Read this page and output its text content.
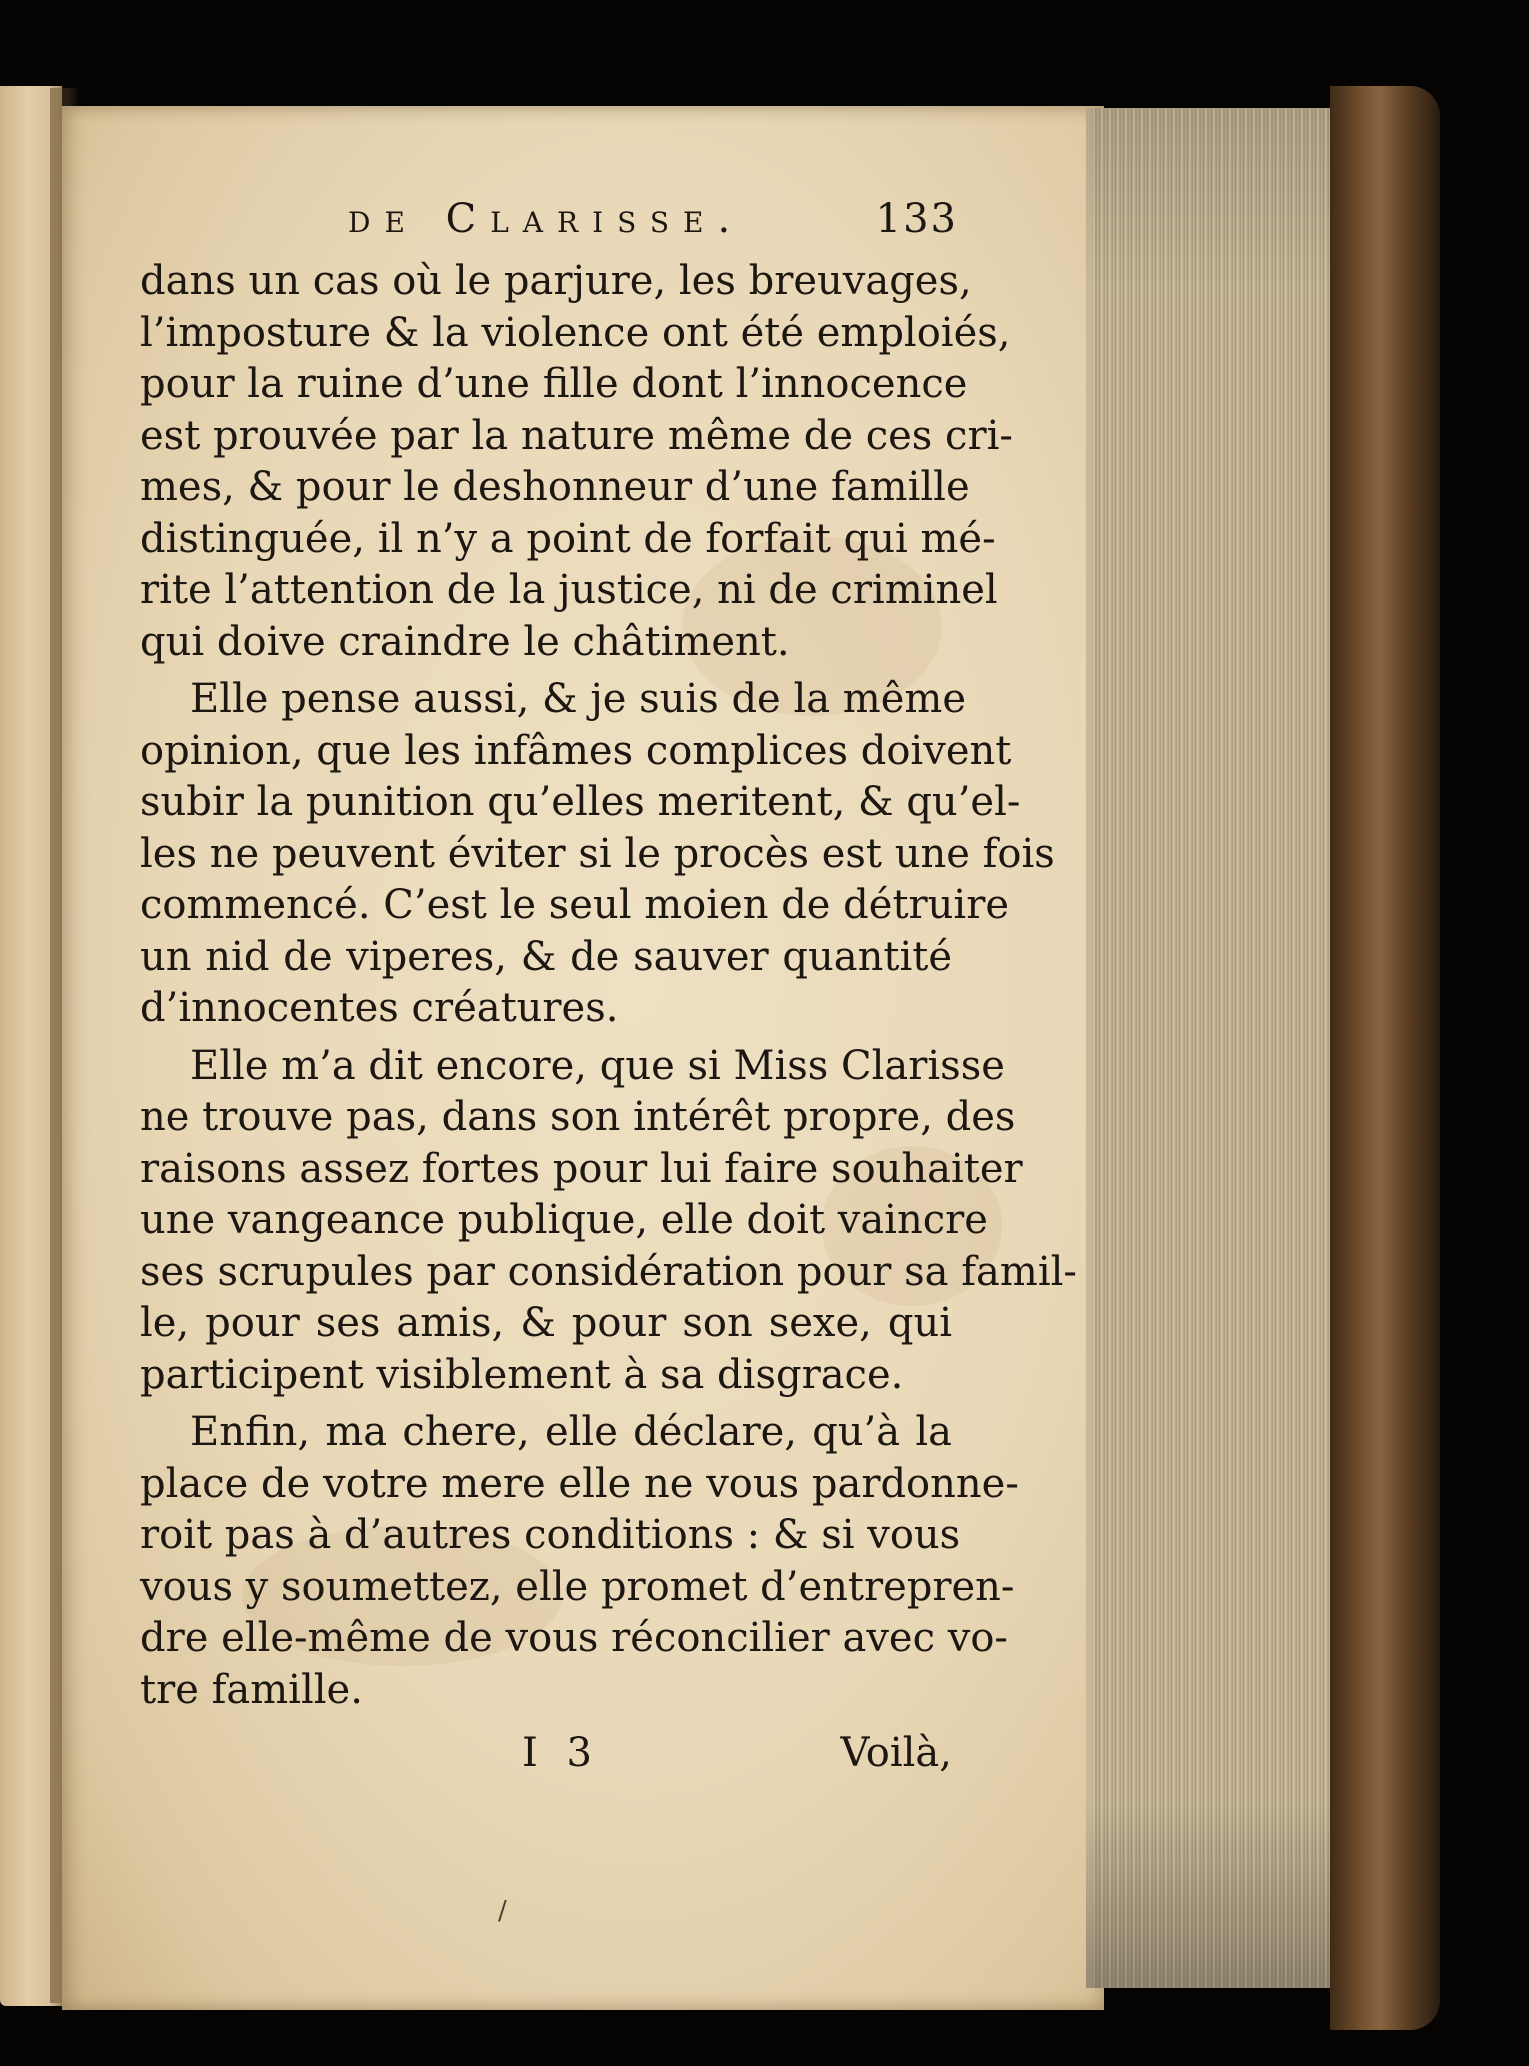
de Clarisse.	133
dans un cas où le parjure, les breuvages,
l’imposture & la violence ont été emploiés,
pour la ruine d’une fille dont l’innocence
est prouvée par la nature même de ces cri-
mes, & pour le deshonneur d’une famille
distinguée, il n’y a point de forfait qui mé-
rite l’attention de la justice, ni de criminel
qui doive craindre le châtiment.
Elle pense aussi, & je suis de la même
opinion, que les infâmes complices doivent
subir la punition qu’elles meritent, & qu’el-
les ne peuvent éviter si le procès est une fois
commencé. C’est le seul moien de détruire
un nid de viperes, & de sauver quantité
d’innocentes créatures.
Elle m’a dit encore, que si Miss Clarisse
ne trouve pas, dans son intérêt propre, des
raisons assez fortes pour lui faire souhaiter
une vangeance publique, elle doit vaincre
ses scrupules par considération pour sa famil-
le, pour ses amis, & pour son sexe, qui
participent visiblement à sa disgrace.
Enfin, ma chere, elle déclare, qu’à la
place de votre mere elle ne vous pardonne-
roit pas à d’autres conditions : & si vous
vous y soumettez, elle promet d’entrepren-
dre elle-même de vous réconcilier avec vo-
tre famille.
I 3	Voilà,
/
